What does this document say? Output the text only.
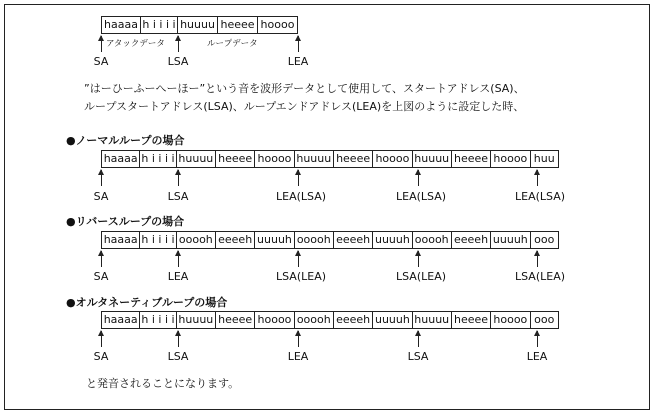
haaaa h i i i i huuuu heeee hoooo
アタックデータ	ループデータ
SA	LSA	LEA
”はーひーふーへーほー”という音を波形データとして使用して、スタートアドレス(SA)、
ループスタートアドレス(LSA)、ループエンドアドレス(LEA)を上図のように設定した時、
●ノーマルループの場合
haaaa h i i i i huuuu heeee hoooo huuuu heeee hoooo huuuu heeee hoooo huu
SA	LSA	LEA(LSA)	LEA(LSA)	LEA(LSA)
●リバースループの場合
haaaa h i i i i ooooh eeeeh uuuuh ooooh eeeeh uuuuh ooooh eeeeh uuuuh ooo
SA	LEA	LSA(LEA)	LSA(LEA)	LSA(LEA)
●オルタネーティブループの場合
haaaa h i i i i huuuu heeee hoooo ooooh eeeeh uuuuh huuuu heeee hoooo ooo
SA	LSA	LEA	LSA	LEA
と発音されることになります。
